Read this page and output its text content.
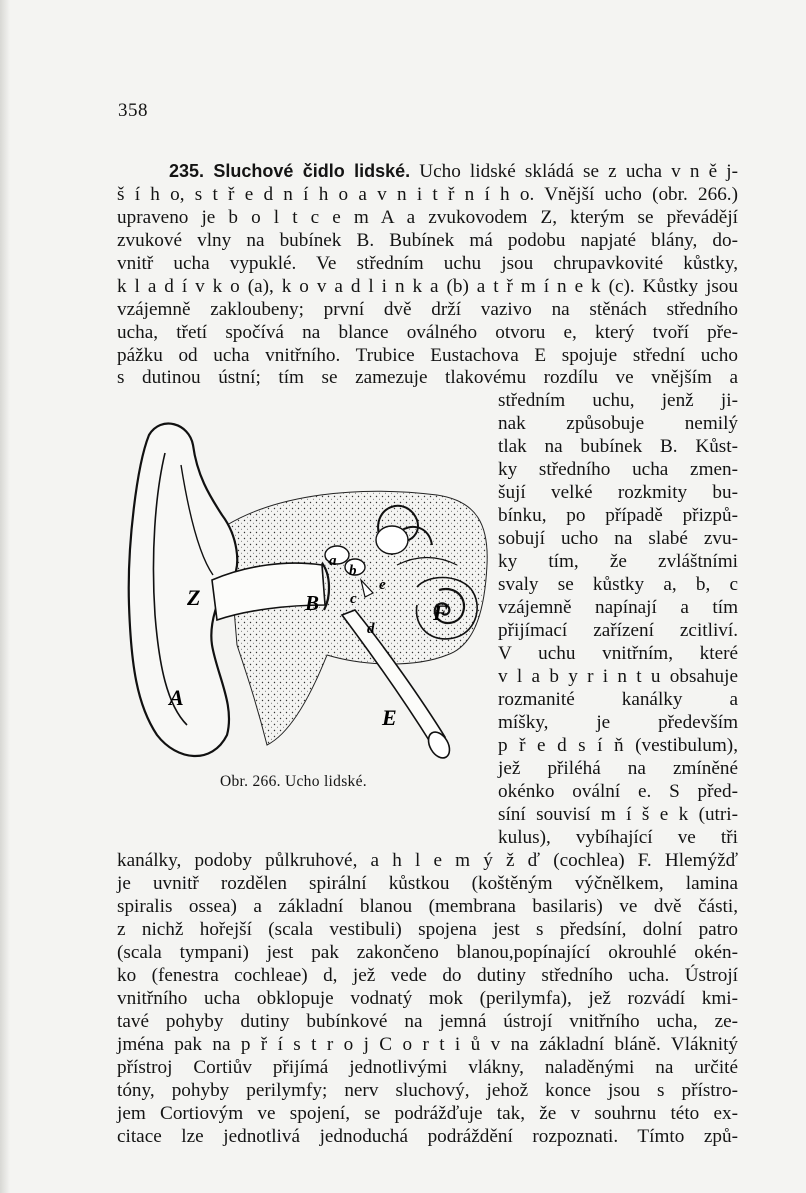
358
235. Sluchové čidlo lidské. Ucho lidské skládá se z ucha v n ě j-
š í h o, s t ř e d n í h o a v n i t ř n í h o. Vnější ucho (obr. 266.)
upraveno je b o l t c e m A a zvukovodem Z, kterým se převádějí
zvukové vlny na bubínek B. Bubínek má podobu napjaté blány, do-
vnitř ucha vypuklé. Ve středním uchu jsou chrupavkovité kůstky,
k l a d í v k o (a), k o v a d l i n k a (b) a t ř m í n e k (c). Kůstky jsou
vzájemně zakloubeny; první dvě drží vazivo na stěnách středního
ucha, třetí spočívá na blance oválného otvoru e, který tvoří pře-
pážku od ucha vnitřního. Trubice Eustachova E spojuje střední ucho
s dutinou ústní; tím se zamezuje tlakovému rozdílu ve vnějším a
středním uchu, jenž ji-
nak způsobuje nemilý
tlak na bubínek B. Kůst-
ky středního ucha zmen-
šují velké rozkmity bu-
bínku, po případě přizpů-
sobují ucho na slabé zvu-
ky tím, že zvláštními
svaly se kůstky a, b, c
vzájemně napínají a tím
přijímací zařízení zcitliví.
V uchu vnitřním, které
v l a b y r i n t u obsahuje
rozmanité kanálky a
míšky, je především
p ř e d s í ň (vestibulum),
jež přiléhá na zmíněné
okénko ovální e. S před-
síní souvisí m í š e k (utri-
kulus), vybíhající ve tři
Z
A
B
E
F
a
b
c
d
e
Obr. 266. Ucho lidské.
kanálky, podoby půlkruhové, a h l e m ý ž ď (cochlea) F. Hlemýžď
je uvnitř rozdělen spirální kůstkou (koštěným výčnělkem, lamina
spiralis ossea) a základní blanou (membrana basilaris) ve dvě části,
z nichž hořejší (scala vestibuli) spojena jest s předsíní, dolní patro
(scala tympani) jest pak zakončeno blanou,popínající okrouhlé okén-
ko (fenestra cochleae) d, jež vede do dutiny středního ucha. Ústrojí
vnitřního ucha obklopuje vodnatý mok (perilymfa), jež rozvádí kmi-
tavé pohyby dutiny bubínkové na jemná ústrojí vnitřního ucha, ze-
jména pak na p ř í s t r o j C o r t i ů v na základní bláně. Vláknitý
přístroj Cortiův přijímá jednotlivými vlákny, naladěnými na určité
tóny, pohyby perilymfy; nerv sluchový, jehož konce jsou s přístro-
jem Cortiovým ve spojení, se podrážďuje tak, že v souhrnu této ex-
citace lze jednotlivá jednoduchá podráždění rozpoznati. Tímto způ-
